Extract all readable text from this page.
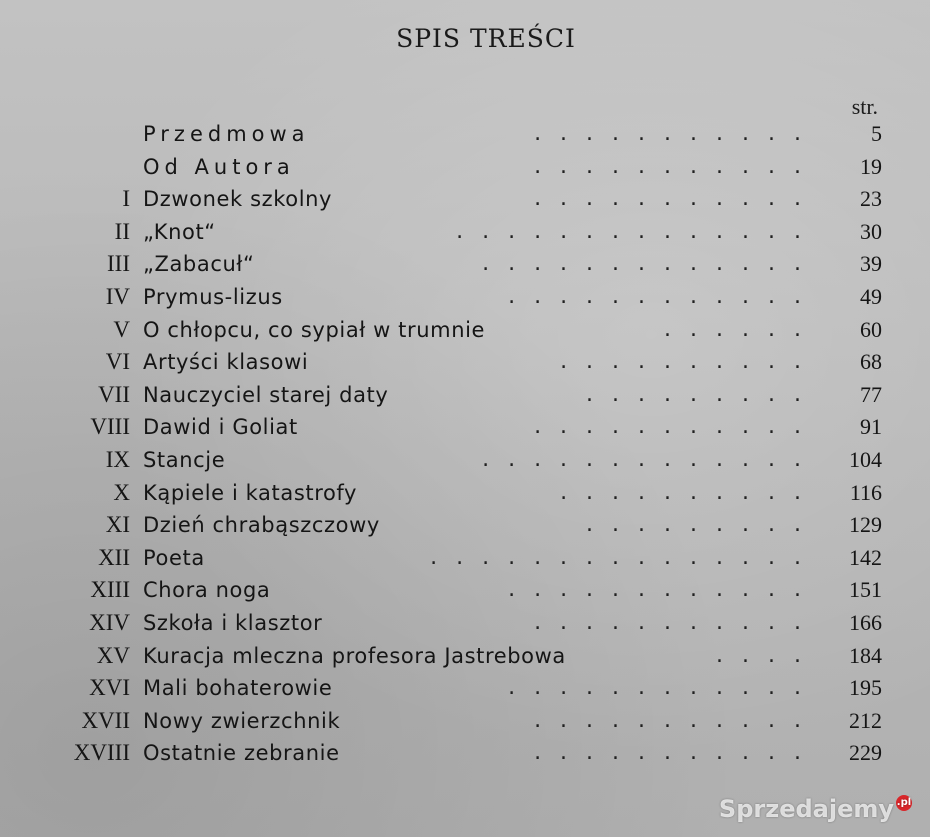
SPIS TREŚCI
str.
Przedmowa	........... 5
Od Autora	........... 19
I Dzwonek szkolny	........... 23
II „Knot“	.............. 30
III „Zabacuł“	............. 39
IV Prymus-lizus	............ 49
V O chłopcu, co sypiał w trumnie	...... 60
VI Artyści klasowi	.......... 68
VII Nauczyciel starej daty	......... 77
VIII Dawid i Goliat	........... 91
IX Stancje	............. 104
X Kąpiele i katastrofy	.......... 116
XI Dzień chrabąszczowy	......... 129
XII Poeta	............... 142
XIII Chora noga	............ 151
XIV Szkoła i klasztor	........... 166
XV Kuracja mleczna profesora Jastrebowa	.... 184
XVI Mali bohaterowie	............ 195
XVII Nowy zwierzchnik	........... 212
XVIII Ostatnie zebranie	........... 229
Sprzedajemy .pl
